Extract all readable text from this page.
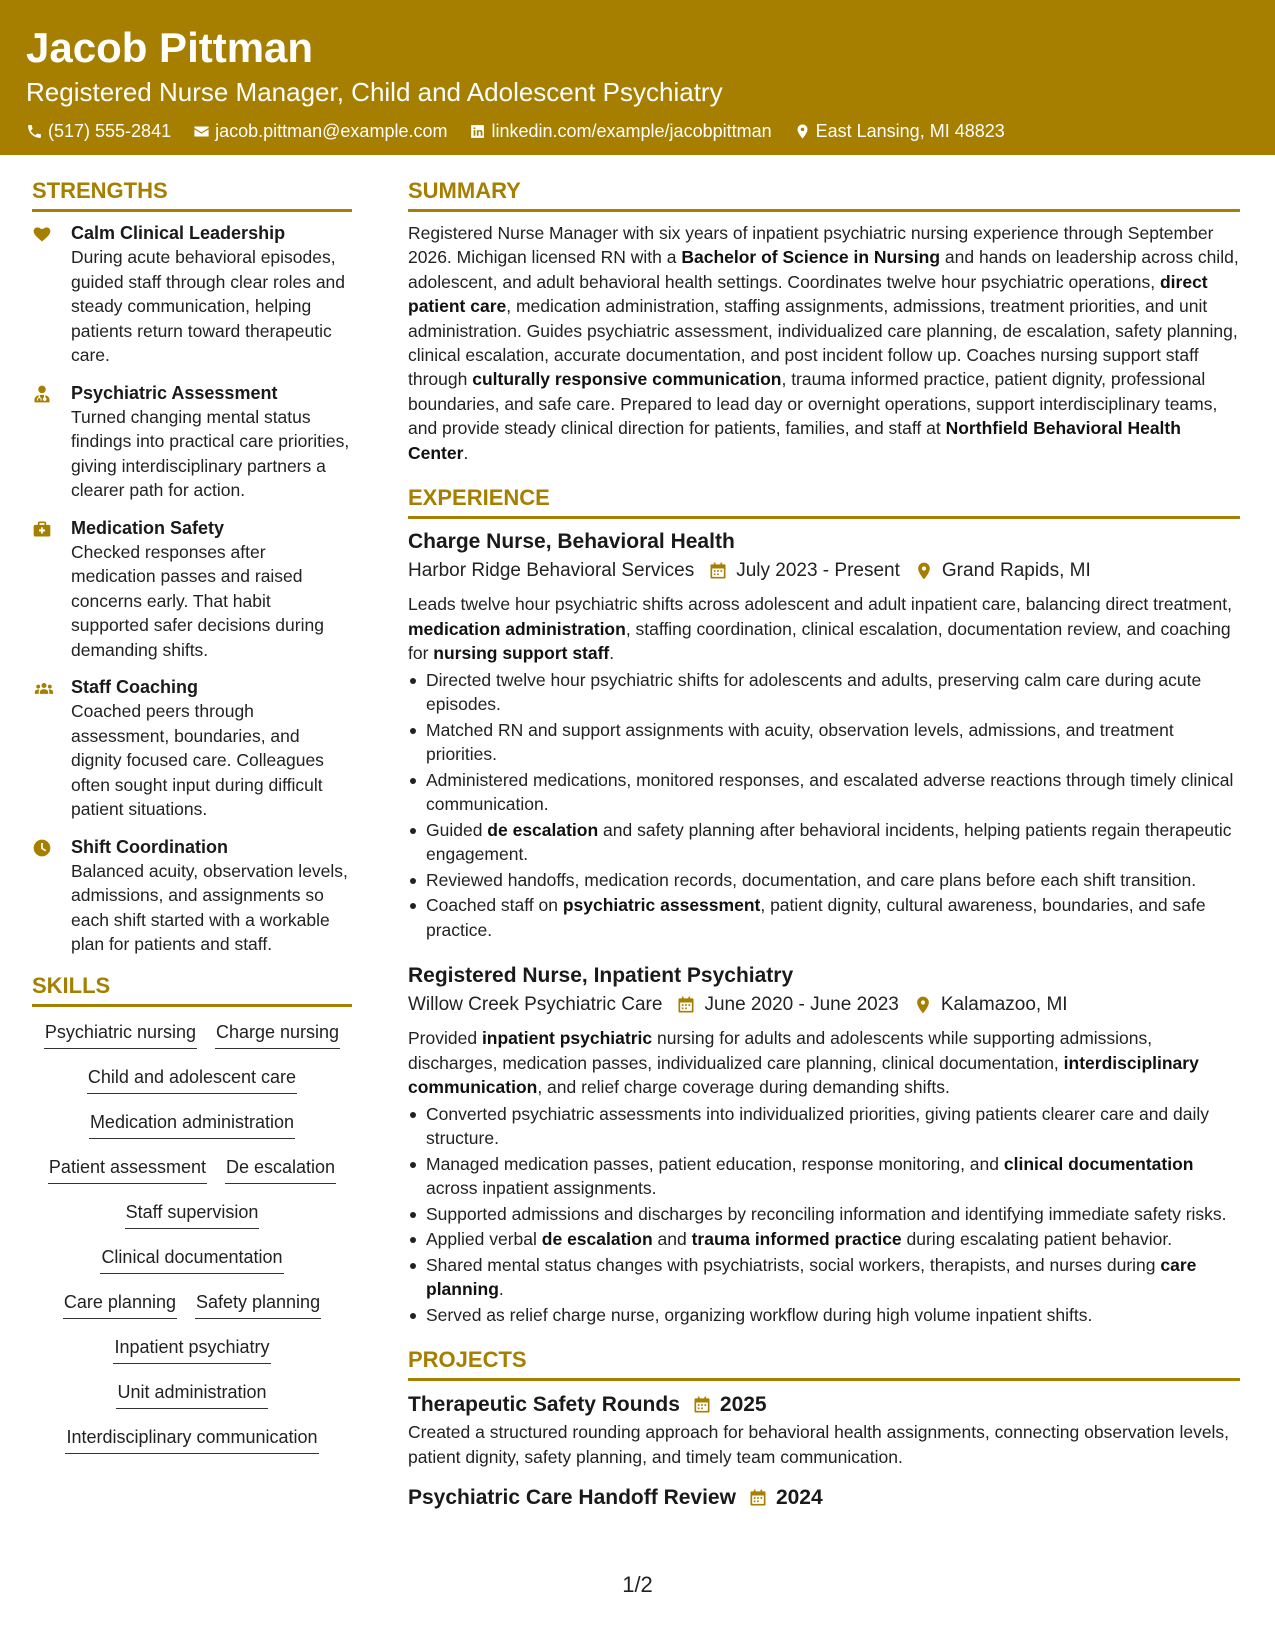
Jacob Pittman
Registered Nurse Manager, Child and Adolescent Psychiatry
(517) 555-2841 jacob.pittman@example.com linkedin.com/example/jacobpittman East Lansing, MI 48823
STRENGTHS
Calm Clinical Leadership
During acute behavioral episodes, guided staff through clear roles and steady communication, helping patients return toward therapeutic care.
Psychiatric Assessment
Turned changing mental status findings into practical care priorities, giving interdisciplinary partners a clearer path for action.
Medication Safety
Checked responses after medication passes and raised concerns early. That habit supported safer decisions during demanding shifts.
Staff Coaching
Coached peers through assessment, boundaries, and dignity focused care. Colleagues often sought input during difficult patient situations.
Shift Coordination
Balanced acuity, observation levels, admissions, and assignments so each shift started with a workable plan for patients and staff.
SKILLS
Psychiatric nursing Charge nursing
Child and adolescent care
Medication administration
Patient assessment De escalation
Staff supervision
Clinical documentation
Care planning Safety planning
Inpatient psychiatry
Unit administration
Interdisciplinary communication
SUMMARY
Registered Nurse Manager with six years of inpatient psychiatric nursing experience through September 2026. Michigan licensed RN with a Bachelor of Science in Nursing and hands on leadership across child, adolescent, and adult behavioral health settings. Coordinates twelve hour psychiatric operations, direct patient care, medication administration, staffing assignments, admissions, treatment priorities, and unit administration. Guides psychiatric assessment, individualized care planning, de escalation, safety planning, clinical escalation, accurate documentation, and post incident follow up. Coaches nursing support staff through culturally responsive communication, trauma informed practice, patient dignity, professional boundaries, and safe care. Prepared to lead day or overnight operations, support interdisciplinary teams, and provide steady clinical direction for patients, families, and staff at Northfield Behavioral Health Center.
EXPERIENCE
Charge Nurse, Behavioral Health
Harbor Ridge Behavioral Services July 2023 - Present Grand Rapids, MI
Leads twelve hour psychiatric shifts across adolescent and adult inpatient care, balancing direct treatment, medication administration, staffing coordination, clinical escalation, documentation review, and coaching for nursing support staff.
Directed twelve hour psychiatric shifts for adolescents and adults, preserving calm care during acute episodes.
Matched RN and support assignments with acuity, observation levels, admissions, and treatment priorities.
Administered medications, monitored responses, and escalated adverse reactions through timely clinical communication.
Guided de escalation and safety planning after behavioral incidents, helping patients regain therapeutic engagement.
Reviewed handoffs, medication records, documentation, and care plans before each shift transition.
Coached staff on psychiatric assessment, patient dignity, cultural awareness, boundaries, and safe practice.
Registered Nurse, Inpatient Psychiatry
Willow Creek Psychiatric Care June 2020 - June 2023 Kalamazoo, MI
Provided inpatient psychiatric nursing for adults and adolescents while supporting admissions, discharges, medication passes, individualized care planning, clinical documentation, interdisciplinary communication, and relief charge coverage during demanding shifts.
Converted psychiatric assessments into individualized priorities, giving patients clearer care and daily structure.
Managed medication passes, patient education, response monitoring, and clinical documentation across inpatient assignments.
Supported admissions and discharges by reconciling information and identifying immediate safety risks.
Applied verbal de escalation and trauma informed practice during escalating patient behavior.
Shared mental status changes with psychiatrists, social workers, therapists, and nurses during care planning.
Served as relief charge nurse, organizing workflow during high volume inpatient shifts.
PROJECTS
Therapeutic Safety Rounds 2025
Created a structured rounding approach for behavioral health assignments, connecting observation levels, patient dignity, safety planning, and timely team communication.
Psychiatric Care Handoff Review 2024
1/2
